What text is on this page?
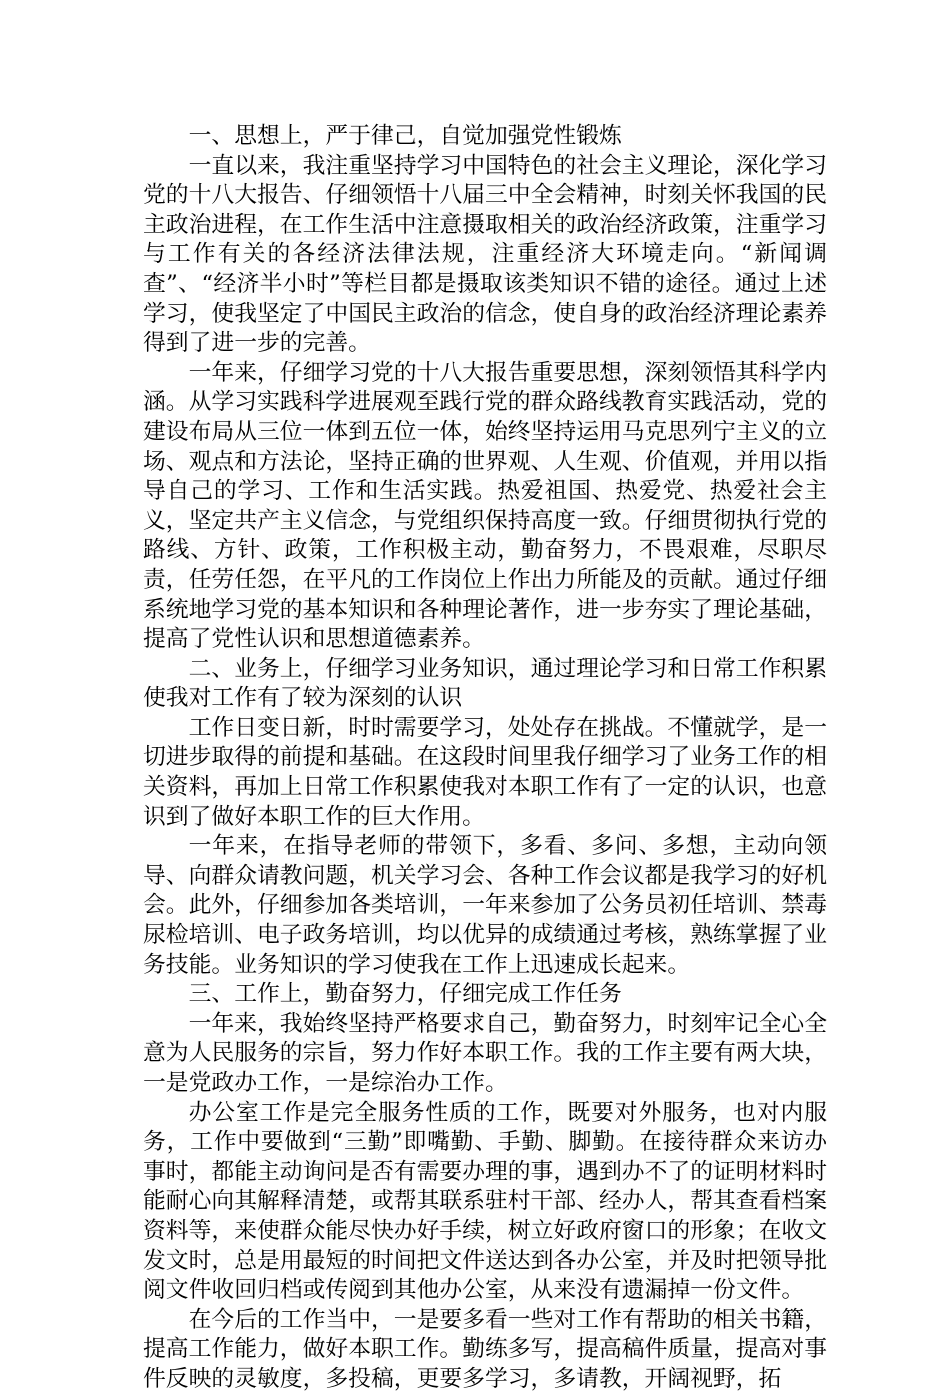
一、思想上，严于律己，自觉加强党性锻炼

一直以来，我注重坚持学习中国特色的社会主义理论，深化学习党的十八大报告、仔细领悟十八届三中全会精神，时刻关怀我国的民主政治进程，在工作生活中注意摄取相关的政治经济政策，注重学习与工作有关的各经济法律法规，注重经济大环境走向。“新闻调查”、“经济半小时”等栏目都是摄取该类知识不错的途径。通过上述学习，使我坚定了中国民主政治的信念，使自身的政治经济理论素养得到了进一步的完善。

一年来，仔细学习党的十八大报告重要思想，深刻领悟其科学内涵。从学习实践科学进展观至践行党的群众路线教育实践活动，党的建设布局从三位一体到五位一体，始终坚持运用马克思列宁主义的立场、观点和方法论，坚持正确的世界观、人生观、价值观，并用以指导自己的学习、工作和生活实践。热爱祖国、热爱党、热爱社会主义，坚定共产主义信念，与党组织保持高度一致。仔细贯彻执行党的路线、方针、政策，工作积极主动，勤奋努力，不畏艰难，尽职尽责，任劳任怨，在平凡的工作岗位上作出力所能及的贡献。通过仔细系统地学习党的基本知识和各种理论著作，进一步夯实了理论基础，提高了党性认识和思想道德素养。

二、业务上，仔细学习业务知识，通过理论学习和日常工作积累使我对工作有了较为深刻的认识

工作日变日新，时时需要学习，处处存在挑战。不懂就学，是一切进步取得的前提和基础。在这段时间里我仔细学习了业务工作的相关资料，再加上日常工作积累使我对本职工作有了一定的认识，也意识到了做好本职工作的巨大作用。

一年来，在指导老师的带领下，多看、多问、多想，主动向领导、向群众请教问题，机关学习会、各种工作会议都是我学习的好机会。此外，仔细参加各类培训，一年来参加了公务员初任培训、禁毒尿检培训、电子政务培训，均以优异的成绩通过考核，熟练掌握了业务技能。业务知识的学习使我在工作上迅速成长起来。

三、工作上，勤奋努力，仔细完成工作任务

一年来，我始终坚持严格要求自己，勤奋努力，时刻牢记全心全意为人民服务的宗旨，努力作好本职工作。我的工作主要有两大块，一是党政办工作，一是综治办工作。

办公室工作是完全服务性质的工作，既要对外服务，也对内服务，工作中要做到“三勤”即嘴勤、手勤、脚勤。在接待群众来访办事时，都能主动询问是否有需要办理的事，遇到办不了的证明材料时能耐心向其解释清楚，或帮其联系驻村干部、经办人，帮其查看档案资料等，来使群众能尽快办好手续，树立好政府窗口的形象；在收文发文时，总是用最短的时间把文件送达到各办公室，并及时把领导批阅文件收回归档或传阅到其他办公室，从来没有遗漏掉一份文件。

在今后的工作当中，一是要多看一些对工作有帮助的相关书籍，提高工作能力，做好本职工作。勤练多写，提高稿件质量，提高对事件反映的灵敏度，多投稿，更要多学习，多请教，开阔视野，拓
